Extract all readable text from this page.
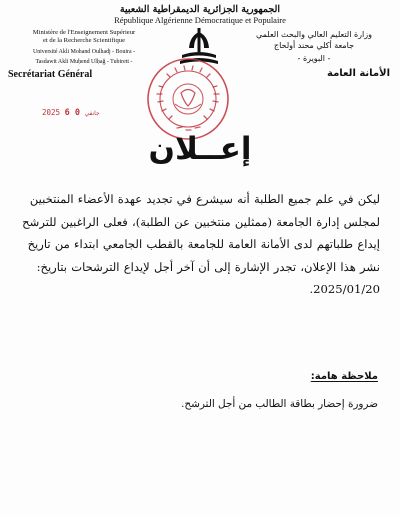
الجمهورية الجزائرية الديمقراطية الشعبية
République Algérienne Démocratique et Populaire
Ministère de l'Enseignement Supérieur
et de la Recherche Scientifique
Université Akli Mohand Oulhadj - Bouira -
Tasdawit Akli Muḥend Ulḥağ - Tubirett -
Secrétariat Général
وزارة التعليم العالي والبحث العلمي
جامعة أكلي محند أولحاج
- البويرة -
الأمانة العامة
2025	جانفي 0 6
إعــلان
ليكن في علم جميع الطلبة أنه سيشرع في تجديد عهدة الأعضاء المنتخبين
لمجلس إدارة الجامعة (ممثلين منتخبين عن الطلبة)، فعلى الراغبين للترشح
إيداع طلباتهم لدى الأمانة العامة للجامعة بالقطب الجامعي ابتداء من تاريخ
نشر هذا الإعلان، تجدر الإشارة إلى أن آخر أجل لإيداع الترشحات بتاريخ:
2025/01/20.
ملاحظة هامة:
ضرورة إحضار بطاقة الطالب من أجل الترشح.
